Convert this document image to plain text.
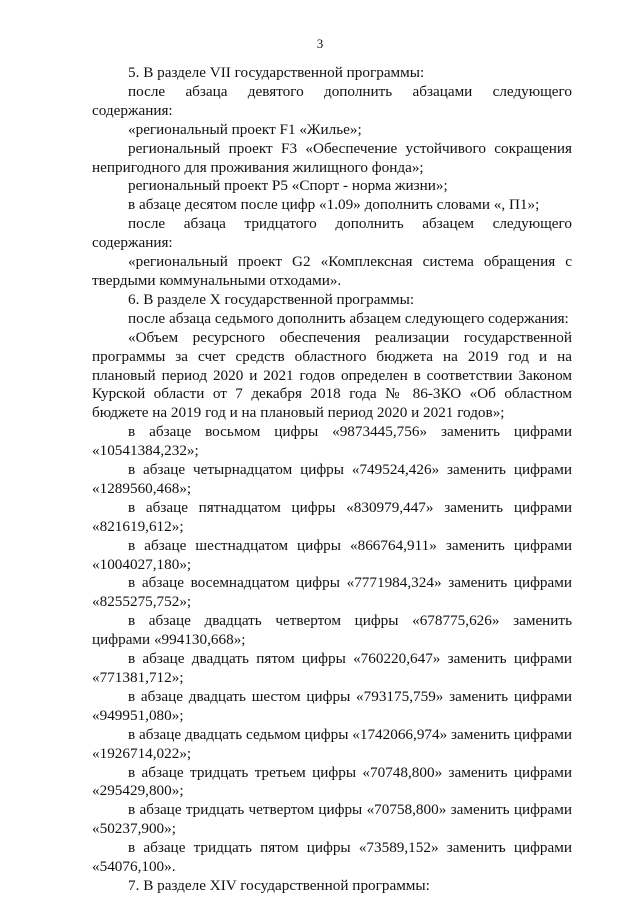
3

5. В разделе VII государственной программы:

после абзаца девятого дополнить абзацами следующего содержания:

«региональный проект F1 «Жилье»;

региональный проект F3 «Обеспечение устойчивого сокращения непригодного для проживания жилищного фонда»;

региональный проект Р5 «Спорт - норма жизни»;

в абзаце десятом после цифр «1.09» дополнить словами «, П1»;

после абзаца тридцатого дополнить абзацем следующего содержания:

«региональный проект G2 «Комплексная система обращения с твердыми коммунальными отходами».

6. В разделе X государственной программы:

после абзаца седьмого дополнить абзацем следующего содержания:

«Объем ресурсного обеспечения реализации государственной программы за счет средств областного бюджета на 2019 год и на плановый период 2020 и 2021 годов определен в соответствии Законом Курской области от 7 декабря 2018 года № 86-3КО «Об областном бюджете на 2019 год и на плановый период 2020 и 2021 годов»;

в абзаце восьмом цифры «9873445,756» заменить цифрами «10541384,232»;

в абзаце четырнадцатом цифры «749524,426» заменить цифрами «1289560,468»;

в абзаце пятнадцатом цифры «830979,447» заменить цифрами «821619,612»;

в абзаце шестнадцатом цифры «866764,911» заменить цифрами «1004027,180»;

в абзаце восемнадцатом цифры «7771984,324» заменить цифрами «8255275,752»;

в абзаце двадцать четвертом цифры «678775,626» заменить цифрами «994130,668»;

в абзаце двадцать пятом цифры «760220,647» заменить цифрами «771381,712»;

в абзаце двадцать шестом цифры «793175,759» заменить цифрами «949951,080»;

в абзаце двадцать седьмом цифры «1742066,974» заменить цифрами «1926714,022»;

в абзаце тридцать третьем цифры «70748,800» заменить цифрами «295429,800»;

в абзаце тридцать четвертом цифры «70758,800» заменить цифрами «50237,900»;

в абзаце тридцать пятом цифры «73589,152» заменить цифрами «54076,100».

7. В разделе XIV государственной программы:
